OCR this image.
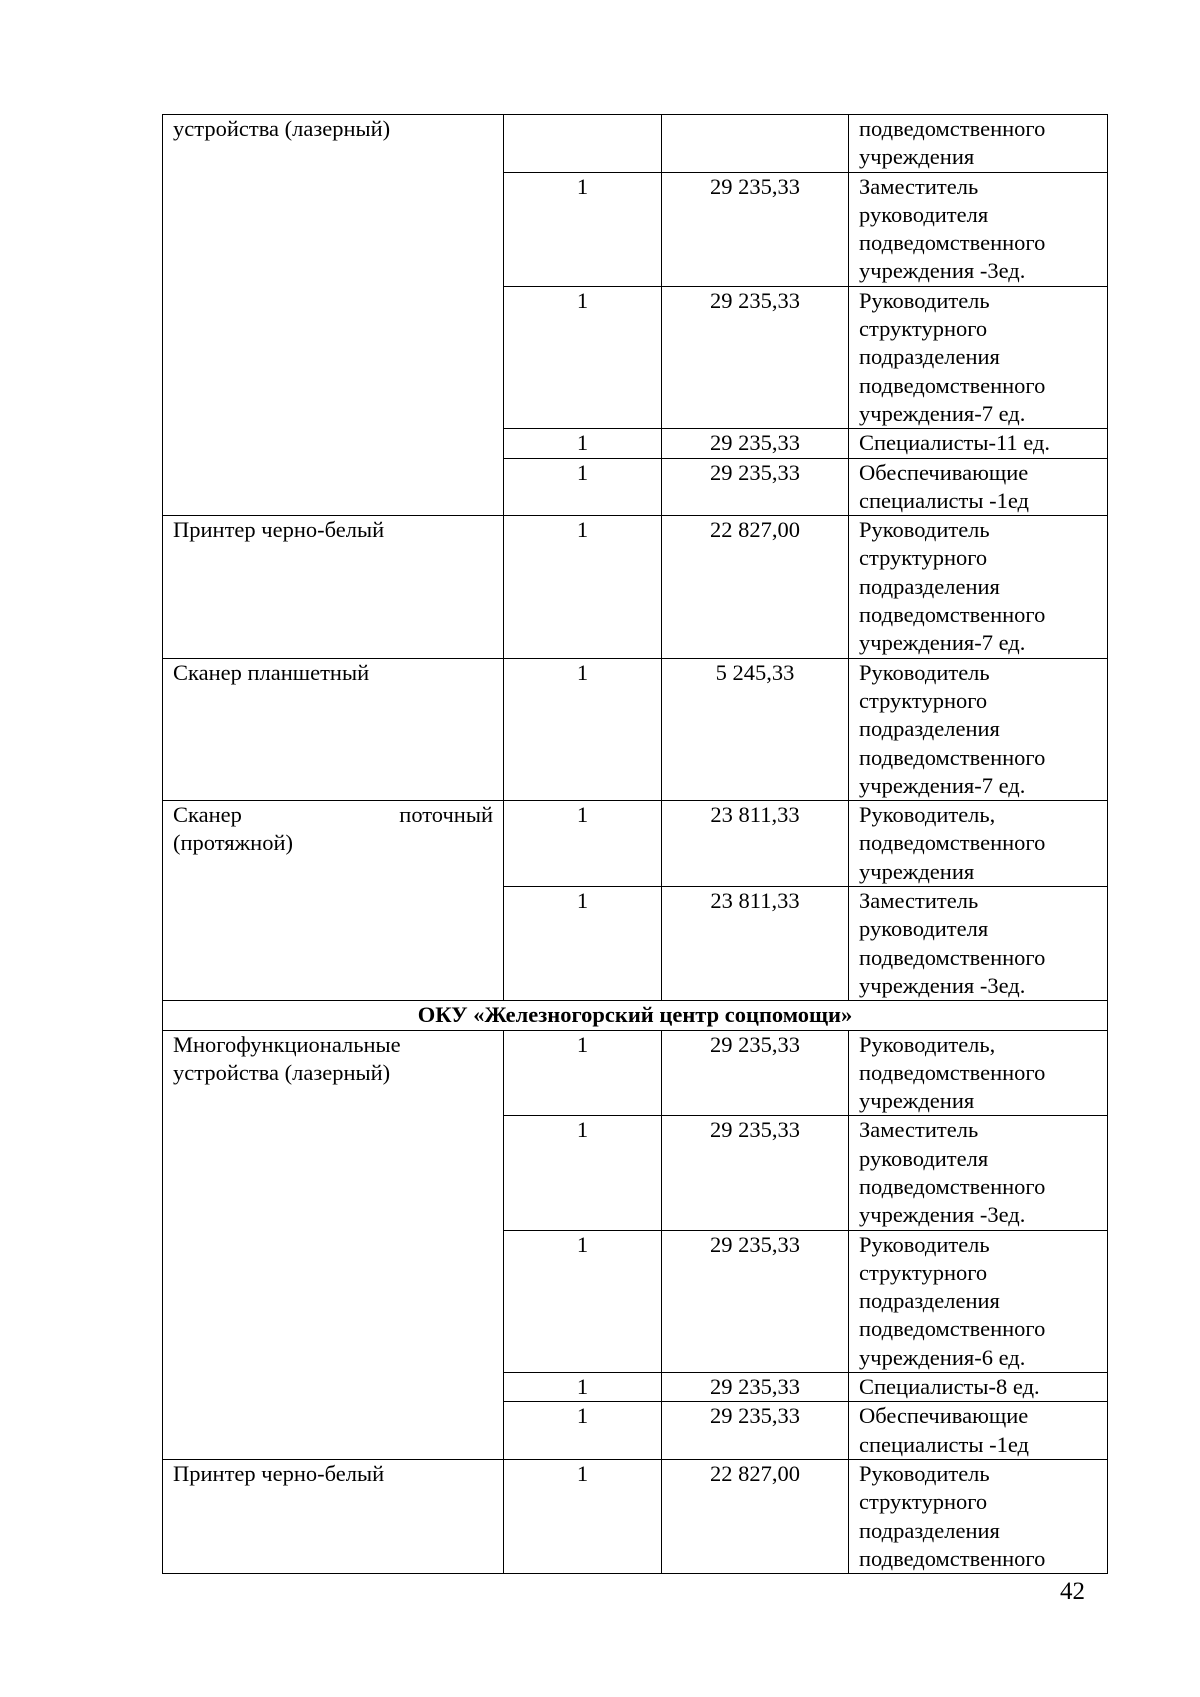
устройства (лазерный)			подведомственного
учреждения

	1	29 235,33	Заместитель
руководителя
подведомственного
учреждения -3ед.

	1	29 235,33	Руководитель
структурного
подразделения
подведомственного
учреждения-7 ед.

	1	29 235,33	Специалисты-11 ед.

	1	29 235,33	Обеспечивающие
специалисты -1ед

Принтер черно-белый	1	22 827,00	Руководитель
структурного
подразделения
подведомственного
учреждения-7 ед.

Сканер планшетный	1	5 245,33	Руководитель
структурного
подразделения
подведомственного
учреждения-7 ед.

Сканер поточный
(протяжной)	1	23 811,33	Руководитель,
подведомственного
учреждения

	1	23 811,33	Заместитель
руководителя
подведомственного
учреждения -3ед.

ОКУ «Железногорский центр соцпомощи»			

Многофункциональные
устройства (лазерный)	1	29 235,33	Руководитель,
подведомственного
учреждения

	1	29 235,33	Заместитель
руководителя
подведомственного
учреждения -3ед.

	1	29 235,33	Руководитель
структурного
подразделения
подведомственного
учреждения-6 ед.

	1	29 235,33	Специалисты-8 ед.

	1	29 235,33	Обеспечивающие
специалисты -1ед

Принтер черно-белый	1	22 827,00	Руководитель
структурного
подразделения
подведомственного
42
